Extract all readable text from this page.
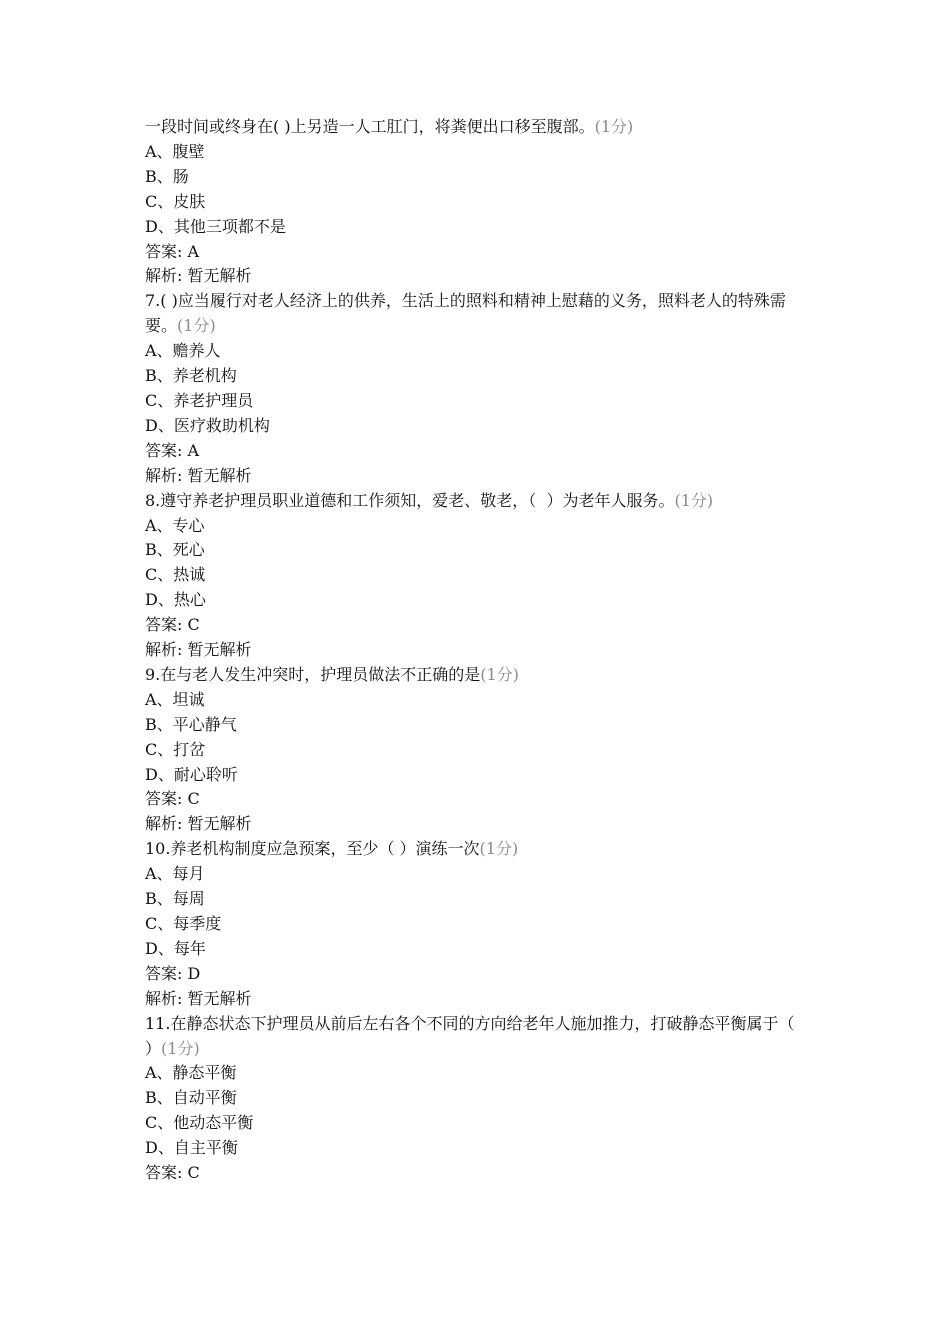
一段时间或终身在( )上另造一人工肛门，将粪便出口移至腹部。(1分)
A、腹壁
B、肠
C、皮肤
D、其他三项都不是
答案: A
解析: 暂无解析
7.( )应当履行对老人经济上的供养，生活上的照料和精神上慰藉的义务，照料老人的特殊需要。(1分)
A、赡养人
B、养老机构
C、养老护理员
D、医疗救助机构
答案: A
解析: 暂无解析
8.遵守养老护理员职业道德和工作须知，爱老、敬老，（  ）为老年人服务。(1分)
A、专心
B、死心
C、热诚
D、热心
答案: C
解析: 暂无解析
9.在与老人发生冲突时，护理员做法不正确的是(1分)
A、坦诚
B、平心静气
C、打岔
D、耐心聆听
答案: C
解析: 暂无解析
10.养老机构制度应急预案，至少（ ）演练一次(1分)
A、每月
B、每周
C、每季度
D、每年
答案: D
解析: 暂无解析
11.在静态状态下护理员从前后左右各个不同的方向给老年人施加推力，打破静态平衡属于（  ）(1分)
A、静态平衡
B、自动平衡
C、他动态平衡
D、自主平衡
答案: C
